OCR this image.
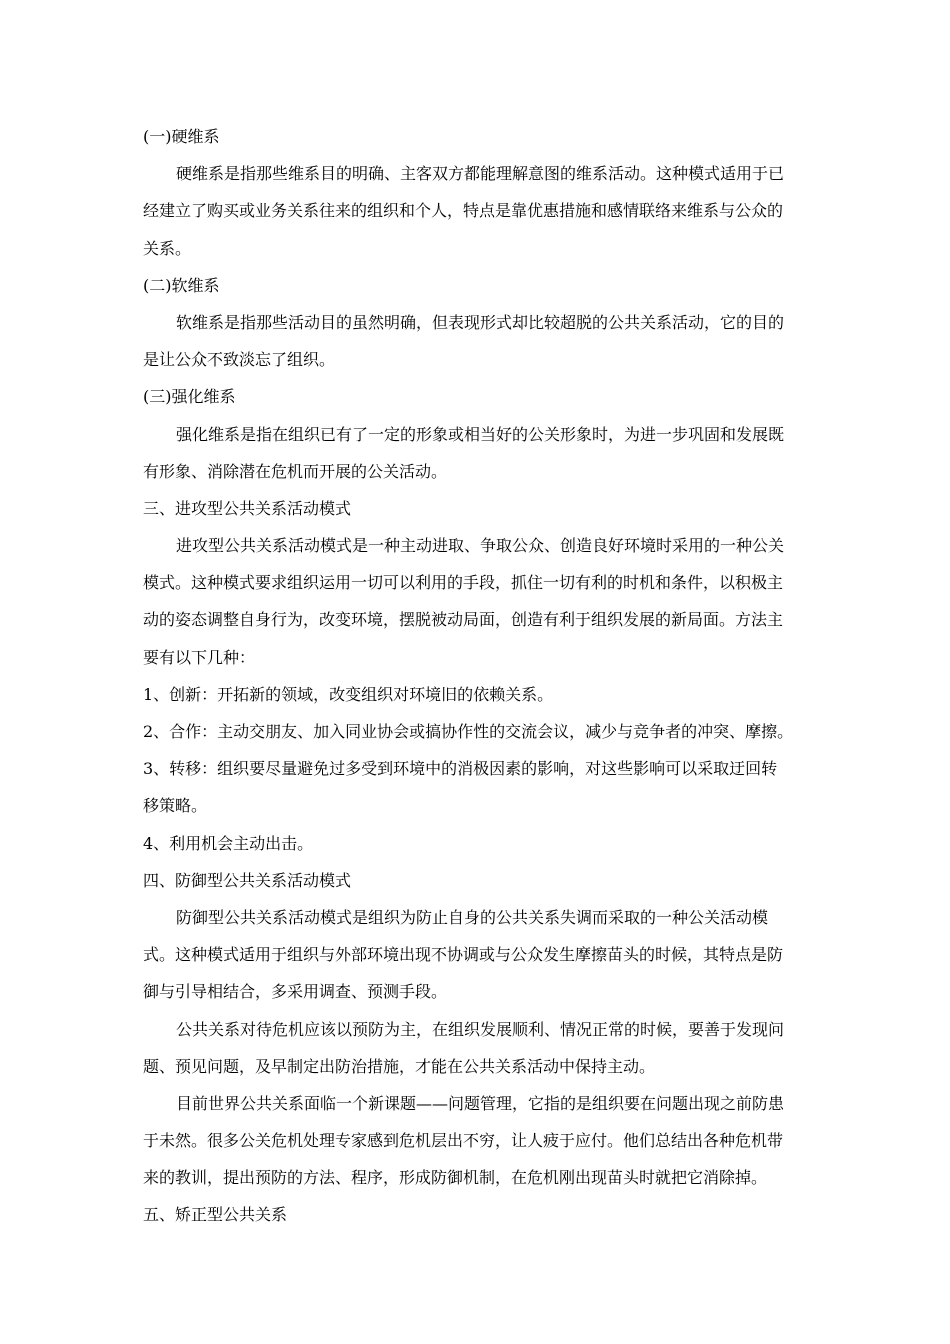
(一)硬维系
硬维系是指那些维系目的明确、主客双方都能理解意图的维系活动。这种模式适用于已
经建立了购买或业务关系往来的组织和个人，特点是靠优惠措施和感情联络来维系与公众的
关系。
(二)软维系
软维系是指那些活动目的虽然明确，但表现形式却比较超脱的公共关系活动，它的目的
是让公众不致淡忘了组织。
(三)强化维系
强化维系是指在组织已有了一定的形象或相当好的公关形象时，为进一步巩固和发展既
有形象、消除潜在危机而开展的公关活动。
三、进攻型公共关系活动模式
进攻型公共关系活动模式是一种主动进取、争取公众、创造良好环境时采用的一种公关
模式。这种模式要求组织运用一切可以利用的手段，抓住一切有利的时机和条件，以积极主
动的姿态调整自身行为，改变环境，摆脱被动局面，创造有利于组织发展的新局面。方法主
要有以下几种：
1、创新：开拓新的领域，改变组织对环境旧的依赖关系。
2、合作：主动交朋友、加入同业协会或搞协作性的交流会议，减少与竞争者的冲突、摩擦。
3、转移：组织要尽量避免过多受到环境中的消极因素的影响，对这些影响可以采取迂回转
移策略。
4、利用机会主动出击。
四、防御型公共关系活动模式
防御型公共关系活动模式是组织为防止自身的公共关系失调而采取的一种公关活动模
式。这种模式适用于组织与外部环境出现不协调或与公众发生摩擦苗头的时候，其特点是防
御与引导相结合，多采用调查、预测手段。
公共关系对待危机应该以预防为主，在组织发展顺利、情况正常的时候，要善于发现问
题、预见问题，及早制定出防治措施，才能在公共关系活动中保持主动。
目前世界公共关系面临一个新课题——问题管理，它指的是组织要在问题出现之前防患
于未然。很多公关危机处理专家感到危机层出不穷，让人疲于应付。他们总结出各种危机带
来的教训，提出预防的方法、程序，形成防御机制，在危机刚出现苗头时就把它消除掉。
五、矫正型公共关系
